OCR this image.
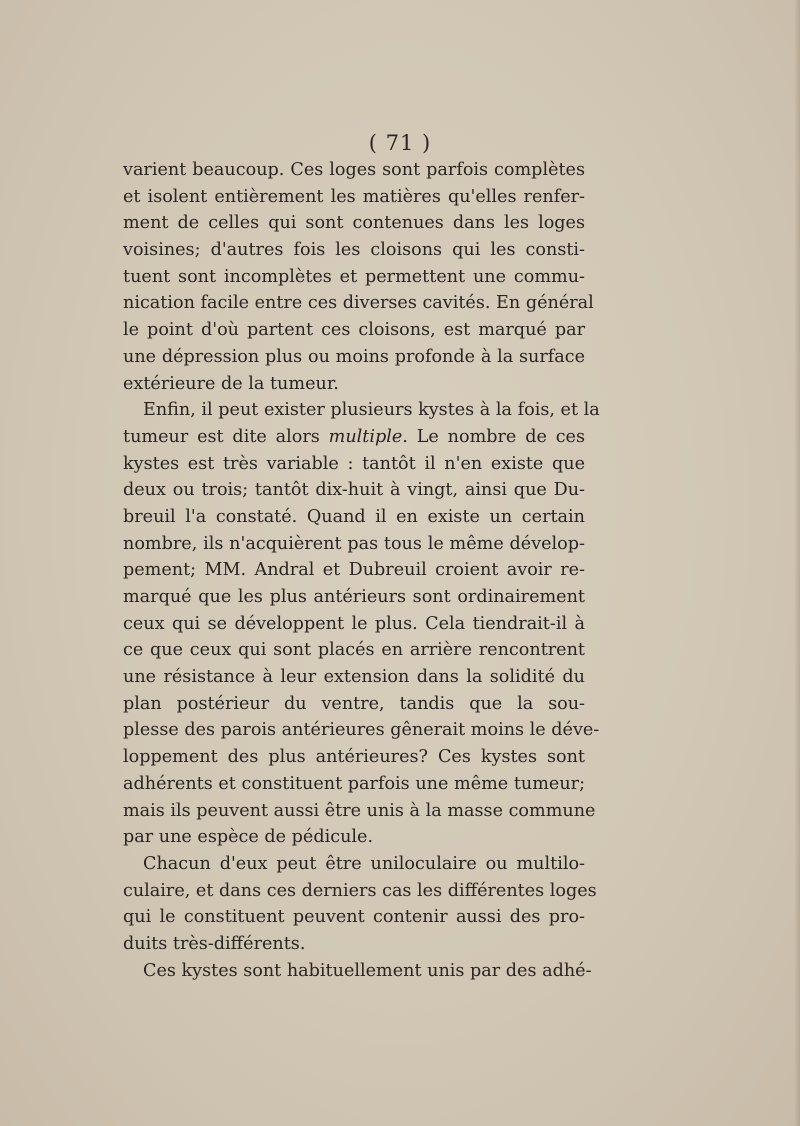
( 71 )
varient beaucoup. Ces loges sont parfois complètes
et isolent entièrement les matières qu'elles renfer-
ment de celles qui sont contenues dans les loges
voisines; d'autres fois les cloisons qui les consti-
tuent sont incomplètes et permettent une commu-
nication facile entre ces diverses cavités. En général
le point d'où partent ces cloisons, est marqué par
une dépression plus ou moins profonde à la surface
extérieure de la tumeur.
Enfin, il peut exister plusieurs kystes à la fois, et la
tumeur est dite alors multiple. Le nombre de ces
kystes est très variable : tantôt il n'en existe que
deux ou trois; tantôt dix-huit à vingt, ainsi que Du-
breuil l'a constaté. Quand il en existe un certain
nombre, ils n'acquièrent pas tous le même dévelop-
pement; MM. Andral et Dubreuil croient avoir re-
marqué que les plus antérieurs sont ordinairement
ceux qui se développent le plus. Cela tiendrait-il à
ce que ceux qui sont placés en arrière rencontrent
une résistance à leur extension dans la solidité du
plan postérieur du ventre, tandis que la sou-
plesse des parois antérieures gênerait moins le déve-
loppement des plus antérieures? Ces kystes sont
adhérents et constituent parfois une même tumeur;
mais ils peuvent aussi être unis à la masse commune
par une espèce de pédicule.
Chacun d'eux peut être uniloculaire ou multilo-
culaire, et dans ces derniers cas les différentes loges
qui le constituent peuvent contenir aussi des pro-
duits très-différents.
Ces kystes sont habituellement unis par des adhé-
